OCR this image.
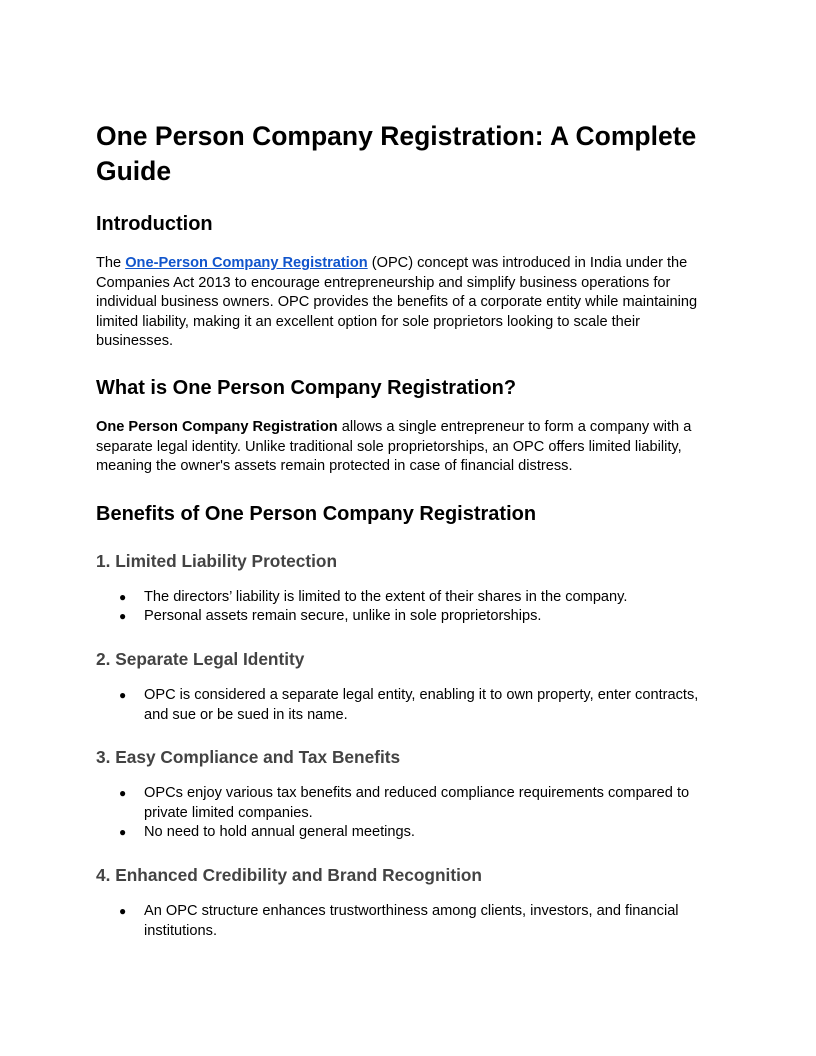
One Person Company Registration: A Complete Guide
Introduction

The One-Person Company Registration (OPC) concept was introduced in India under the Companies Act 2013 to encourage entrepreneurship and simplify business operations for individual business owners. OPC provides the benefits of a corporate entity while maintaining limited liability, making it an excellent option for sole proprietors looking to scale their businesses.

What is One Person Company Registration?

One Person Company Registration allows a single entrepreneur to form a company with a separate legal identity. Unlike traditional sole proprietorships, an OPC offers limited liability, meaning the owner's assets remain protected in case of financial distress.

Benefits of One Person Company Registration
1. Limited Liability Protection
● The directors’ liability is limited to the extent of their shares in the company.
● Personal assets remain secure, unlike in sole proprietorships.
2. Separate Legal Identity
● OPC is considered a separate legal entity, enabling it to own property, enter contracts, and sue or be sued in its name.
3. Easy Compliance and Tax Benefits
● OPCs enjoy various tax benefits and reduced compliance requirements compared to private limited companies.
● No need to hold annual general meetings.
4. Enhanced Credibility and Brand Recognition
● An OPC structure enhances trustworthiness among clients, investors, and financial institutions.
